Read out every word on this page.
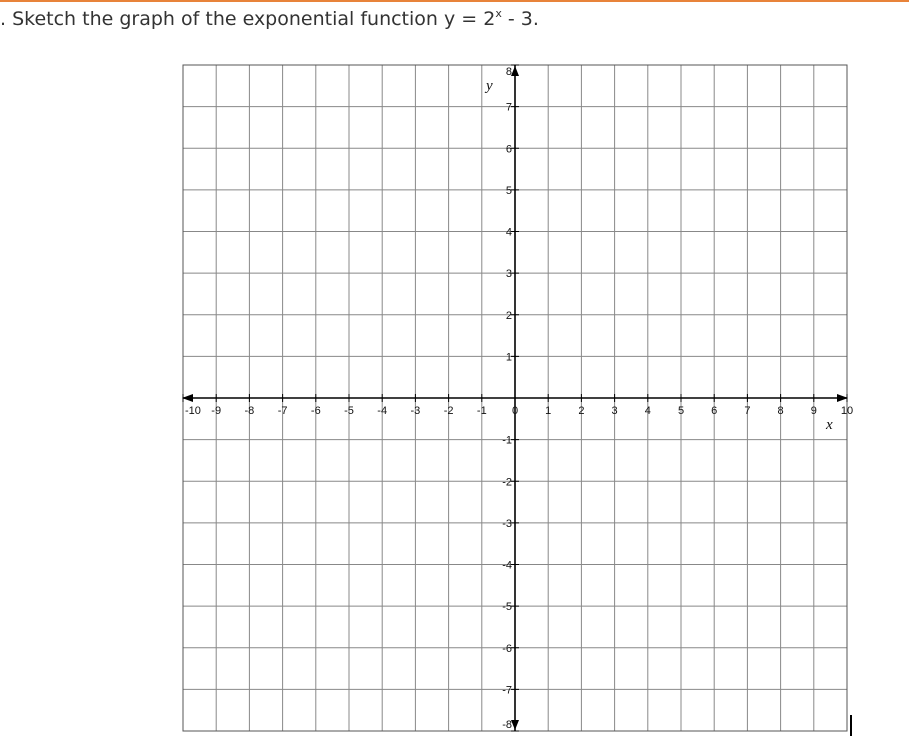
. Sketch the graph of the exponential function $y = 2^x - 3$.
-10 -9 -8 -7 -6 -5 -4 -3 -2 -1 0 1 2 3 4 5 6 7 8 9 10
8
7
6
5
4
3
2
1
-1
-2
-3
-4
-5
-6
-7
-8
x
y
